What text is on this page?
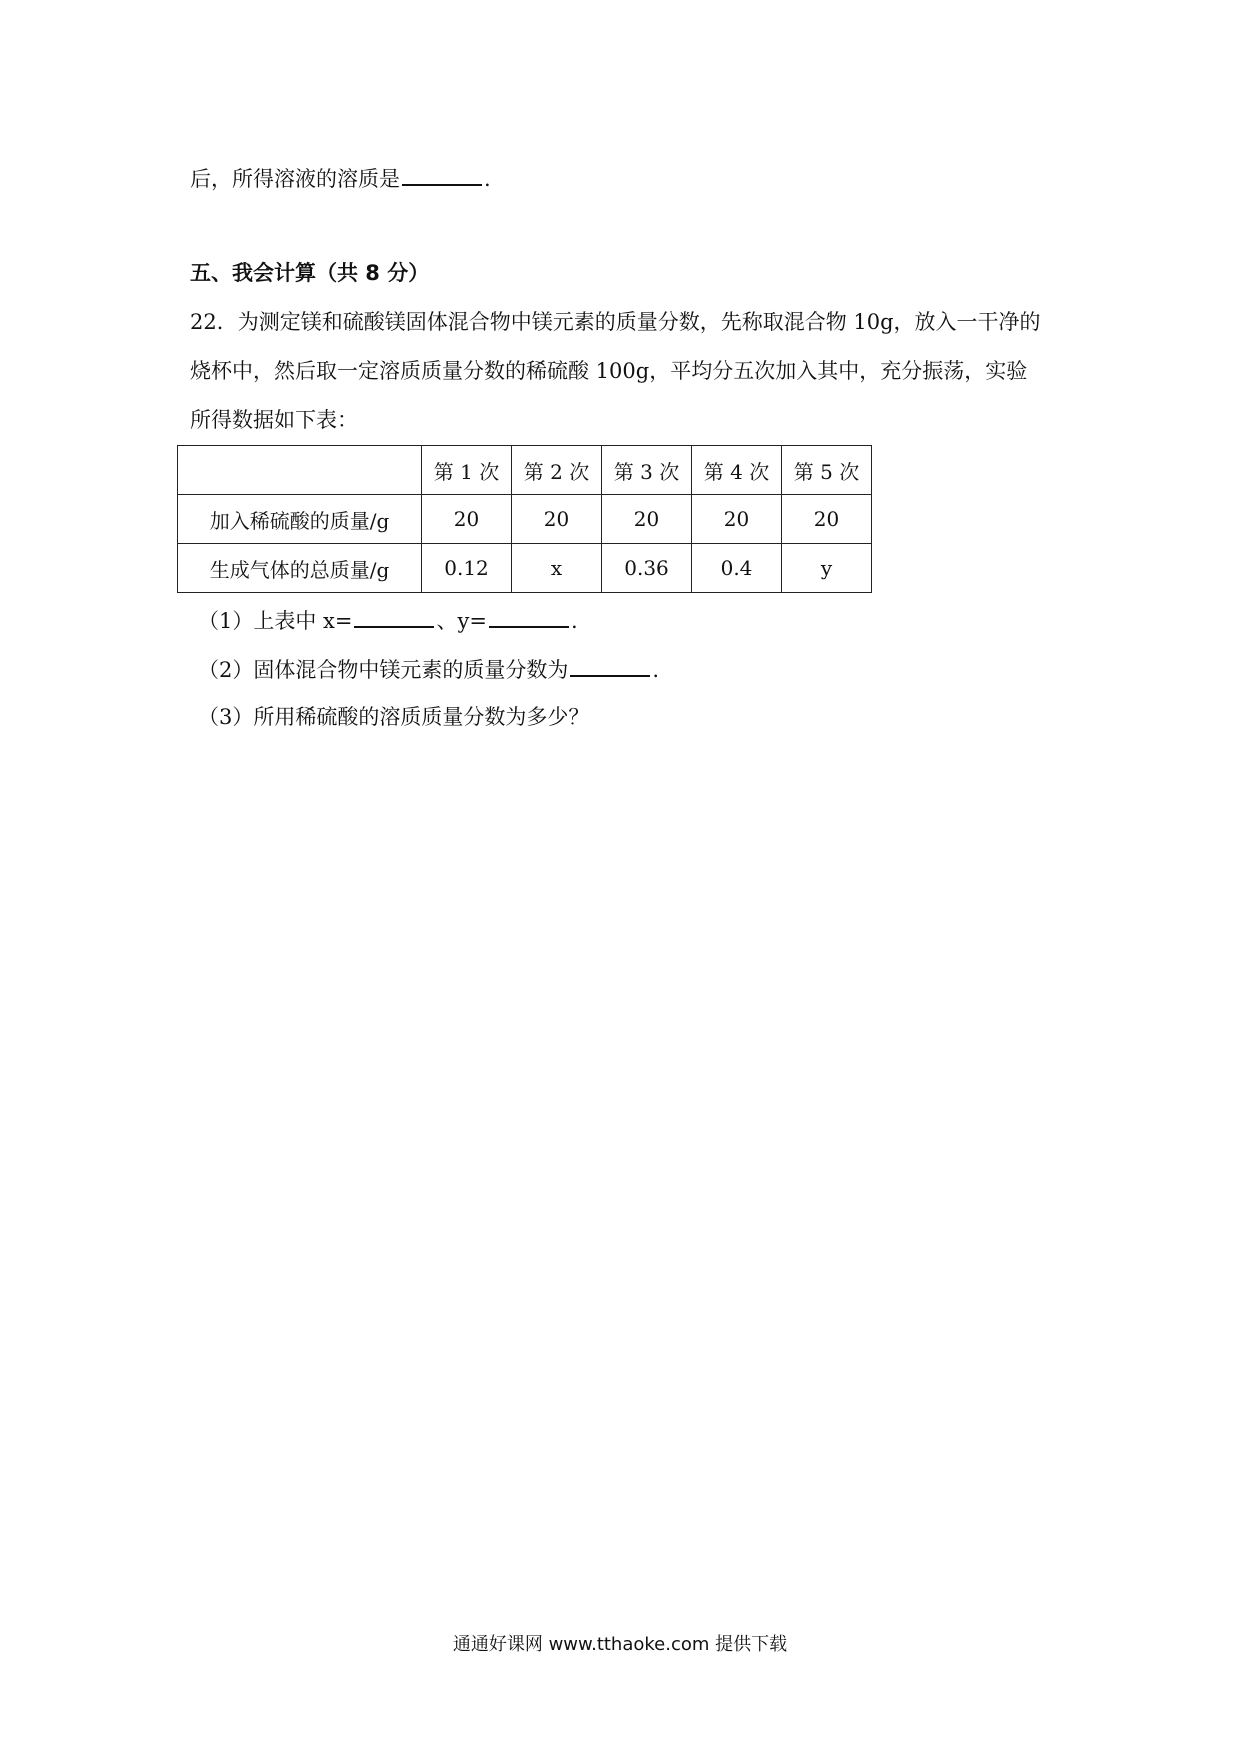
后，所得溶液的溶质是	.
五、我会计算（共 8 分）
22．为测定镁和硫酸镁固体混合物中镁元素的质量分数，先称取混合物 10g，放入一干净的
烧杯中，然后取一定溶质质量分数的稀硫酸 100g，平均分五次加入其中，充分振荡，实验
所得数据如下表：
	第 1 次	第 2 次	第 3 次	第 4 次	第 5 次
加入稀硫酸的质量/g	20	20	20	20	20
生成气体的总质量/g	0.12	x	0.36	0.4	y
（1）上表中 x=	、y=	.
（2）固体混合物中镁元素的质量分数为	.
（3）所用稀硫酸的溶质质量分数为多少？
通通好课网 www.tthaoke.com 提供下载
